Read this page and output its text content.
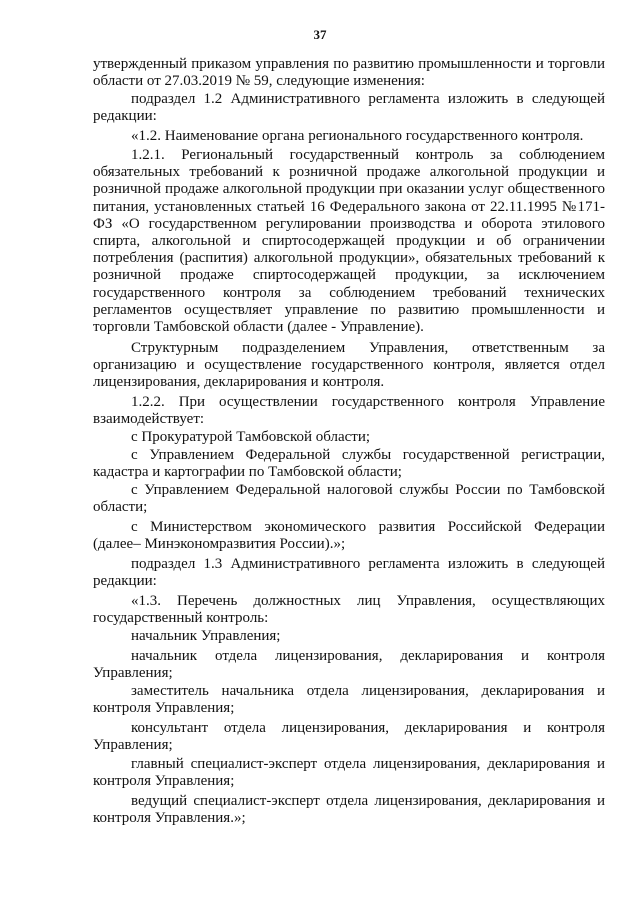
37

утвержденный приказом управления по развитию промышленности и торговли области от 27.03.2019 № 59, следующие изменения:

подраздел 1.2 Административного регламента изложить в следующей редакции:

«1.2. Наименование органа регионального государственного контроля.

1.2.1. Региональный государственный контроль за соблюдением обязательных требований к розничной продаже алкогольной продукции и розничной продаже алкогольной продукции при оказании услуг общественного питания, установленных статьей 16 Федерального закона от 22.11.1995 №171-ФЗ «О государственном регулировании производства и оборота этилового спирта, алкогольной и спиртосодержащей продукции и об ограничении потребления (распития) алкогольной продукции», обязательных требований к розничной продаже спиртосодержащей продукции, за исключением государственного контроля за соблюдением требований технических регламентов осуществляет управление по развитию промышленности и торговли Тамбовской области (далее - Управление).

Структурным подразделением Управления, ответственным за организацию и осуществление государственного контроля, является отдел лицензирования, декларирования и контроля.

1.2.2. При осуществлении государственного контроля Управление взаимодействует:

с Прокуратурой Тамбовской области;

с Управлением Федеральной службы государственной регистрации, кадастра и картографии по Тамбовской области;

с Управлением Федеральной налоговой службы России по Тамбовской области;

с Министерством экономического развития Российской Федерации (далее– Минэкономразвития России).»;

подраздел 1.3 Административного регламента изложить в следующей редакции:

«1.3. Перечень должностных лиц Управления, осуществляющих государственный контроль:

начальник Управления;

начальник отдела лицензирования, декларирования и контроля Управления;

заместитель начальника отдела лицензирования, декларирования и контроля Управления;

консультант отдела лицензирования, декларирования и контроля Управления;

главный специалист-эксперт отдела лицензирования, декларирования и контроля Управления;

ведущий специалист-эксперт отдела лицензирования, декларирования и контроля Управления.»;
